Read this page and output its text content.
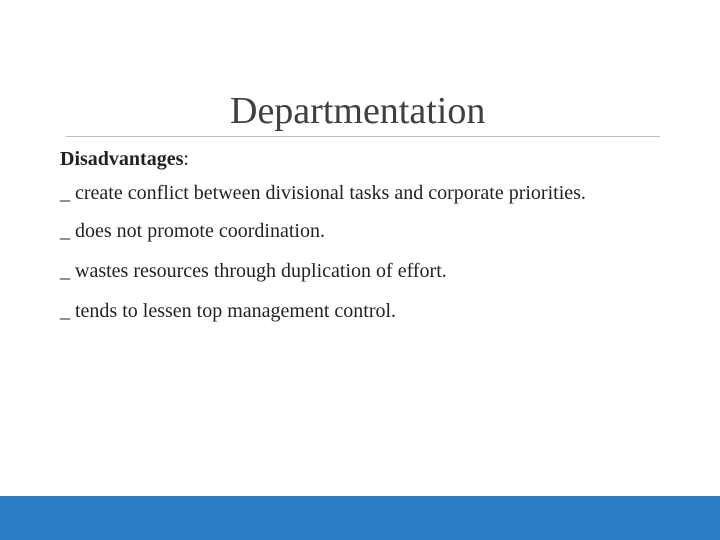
Departmentation

Disadvantages:

_ create conflict between divisional tasks and corporate priorities.

_ does not promote coordination.

_ wastes resources through duplication of effort.

_ tends to lessen top management control.
